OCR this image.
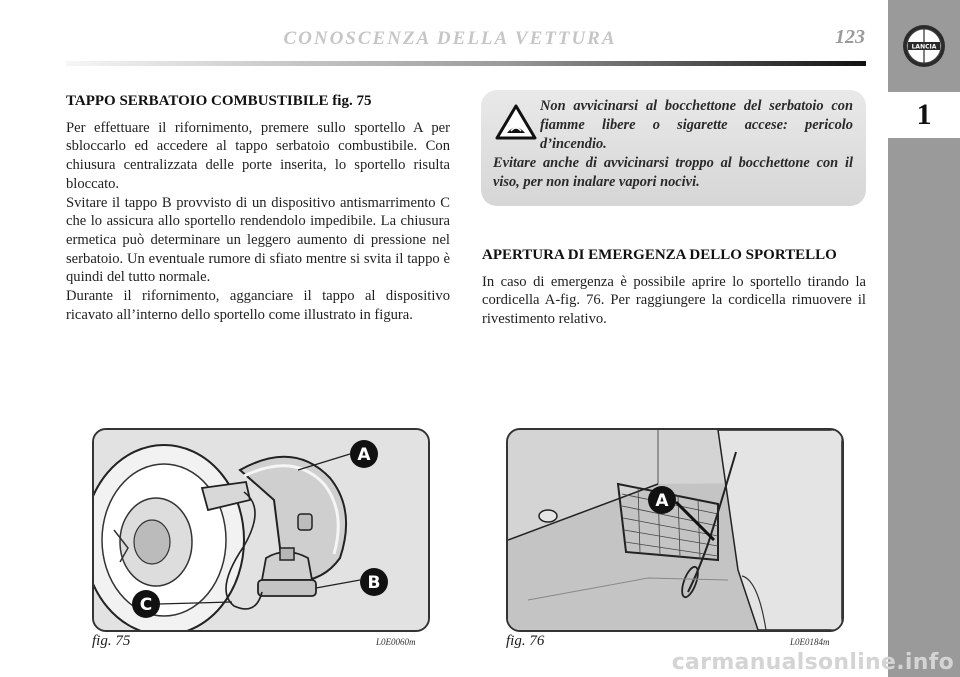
CONOSCENZA DELLA VETTURA	123	LANCIA
1
TAPPO SERBATOIO COMBUSTIBILE fig. 75

Per effettuare il rifornimento, premere sullo sportello A per sbloccarlo ed accedere al tappo serbatoio combustibile. Con chiusura centralizzata delle porte inserita, lo sportello risulta bloccato.

Svitare il tappo B provvisto di un dispositivo antismarrimento C che lo assicura allo sportello rendendolo impedibile. La chiusura ermetica può determinare un leggero aumento di pressione nel serbatoio. Un eventuale rumore di sfiato mentre si svita il tappo è quindi del tutto normale.

Durante il rifornimento, agganciare il tappo al dispositivo ricavato all’interno dello sportello come illustrato in figura.

Non avvicinarsi al bocchettone del serbatoio con fiamme libere o sigarette accese: pericolo d’incendio.
Evitare anche di avvicinarsi troppo al bocchettone con il viso, per non inalare vapori nocivi.
APERTURA DI EMERGENZA DELLO SPORTELLO

In caso di emergenza è possibile aprire lo sportello tirando la cordicella A-fig. 76. Per raggiungere la cordicella rimuovere il rivestimento relativo.

A
B
C
A
fig. 75	L0E0060m	fig. 76	L0E0184m
carmanualsonline.info
